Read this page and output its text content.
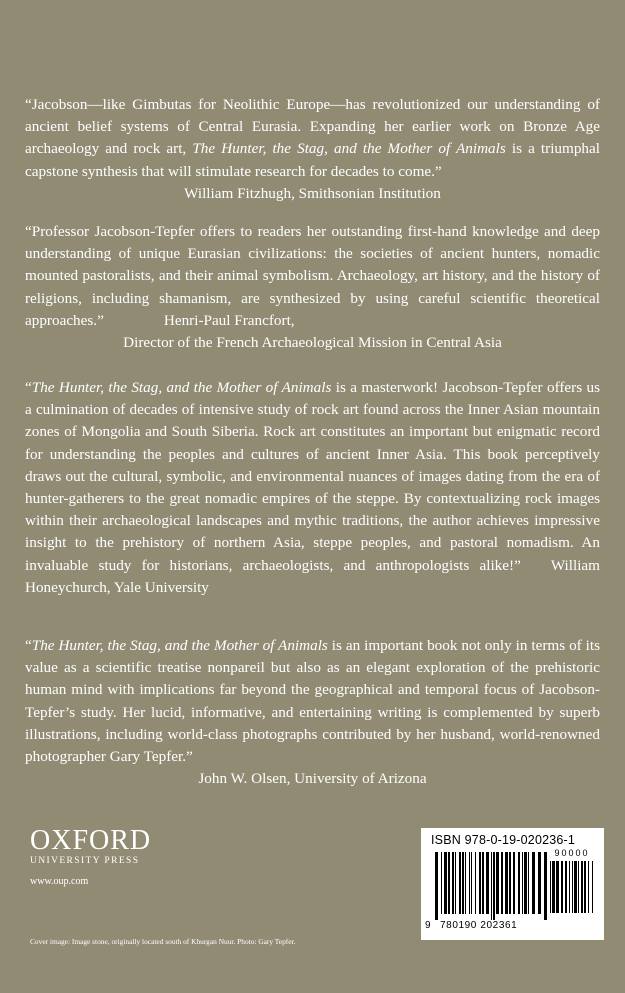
“Jacobson—like Gimbutas for Neolithic Europe—has revolutionized our understanding of ancient belief systems of Central Eurasia. Expanding her earlier work on Bronze Age archaeology and rock art, The Hunter, the Stag, and the Mother of Animals is a triumphal capstone synthesis that will stimulate research for decades to come.”
William Fitzhugh, Smithsonian Institution

“Professor Jacobson-Tepfer offers to readers her outstanding first-hand knowledge and deep understanding of unique Eurasian civilizations: the societies of ancient hunters, nomadic mounted pastoralists, and their animal symbolism. Archaeology, art history, and the history of religions, including shamanism, are synthesized by using careful scientific theoretical approaches.”	Henri-Paul Francfort,
Director of the French Archaeological Mission in Central Asia

“The Hunter, the Stag, and the Mother of Animals is a masterwork! Jacobson-Tepfer offers us a culmination of decades of intensive study of rock art found across the Inner Asian mountain zones of Mongolia and South Siberia. Rock art constitutes an important but enigmatic record for understanding the peoples and cultures of ancient Inner Asia. This book perceptively draws out the cultural, symbolic, and environmental nuances of images dating from the era of hunter-gatherers to the great nomadic empires of the steppe. By contextualizing rock images within their archaeological landscapes and mythic traditions, the author achieves impressive insight to the prehistory of northern Asia, steppe peoples, and pastoral nomadism. An invaluable study for historians, archaeologists, and anthropologists alike!” William Honeychurch, Yale University

“The Hunter, the Stag, and the Mother of Animals is an important book not only in terms of its value as a scientific treatise nonpareil but also as an elegant exploration of the prehistoric human mind with implications far beyond the geographical and temporal focus of Jacobson-Tepfer’s study. Her lucid, informative, and entertaining writing is complemented by superb illustrations, including world-class photographs contributed by her husband, world-renowned photographer Gary Tepfer.”
John W. Olsen, University of Arizona

OXFORD
UNIVERSITY PRESS
www.oup.com
Cover image: Image stone, originally located south of Khurgan Nuur. Photo: Gary Tepfer.
ISBN 978-0-19-020236-1
90000
9 780190 202361
